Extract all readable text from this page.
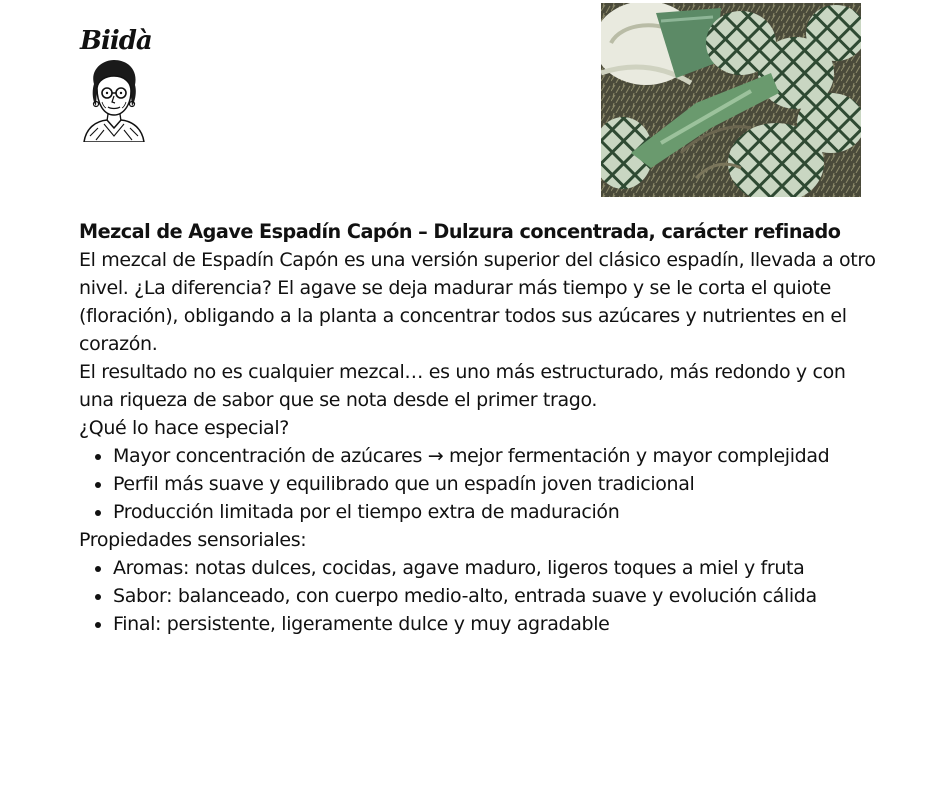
Biidà

Mezcal de Agave Espadín Capón – Dulzura concentrada, carácter refinado

El mezcal de Espadín Capón es una versión superior del clásico espadín, llevada a otro nivel. ¿La diferencia? El agave se deja madurar más tiempo y se le corta el quiote (floración), obligando a la planta a concentrar todos sus azúcares y nutrientes en el corazón.

El resultado no es cualquier mezcal… es uno más estructurado, más redondo y con una riqueza de sabor que se nota desde el primer trago.

¿Qué lo hace especial?

• Mayor concentración de azúcares → mejor fermentación y mayor complejidad
• Perfil más suave y equilibrado que un espadín joven tradicional
• Producción limitada por el tiempo extra de maduración

Propiedades sensoriales:

• Aromas: notas dulces, cocidas, agave maduro, ligeros toques a miel y fruta
• Sabor: balanceado, con cuerpo medio-alto, entrada suave y evolución cálida
• Final: persistente, ligeramente dulce y muy agradable
